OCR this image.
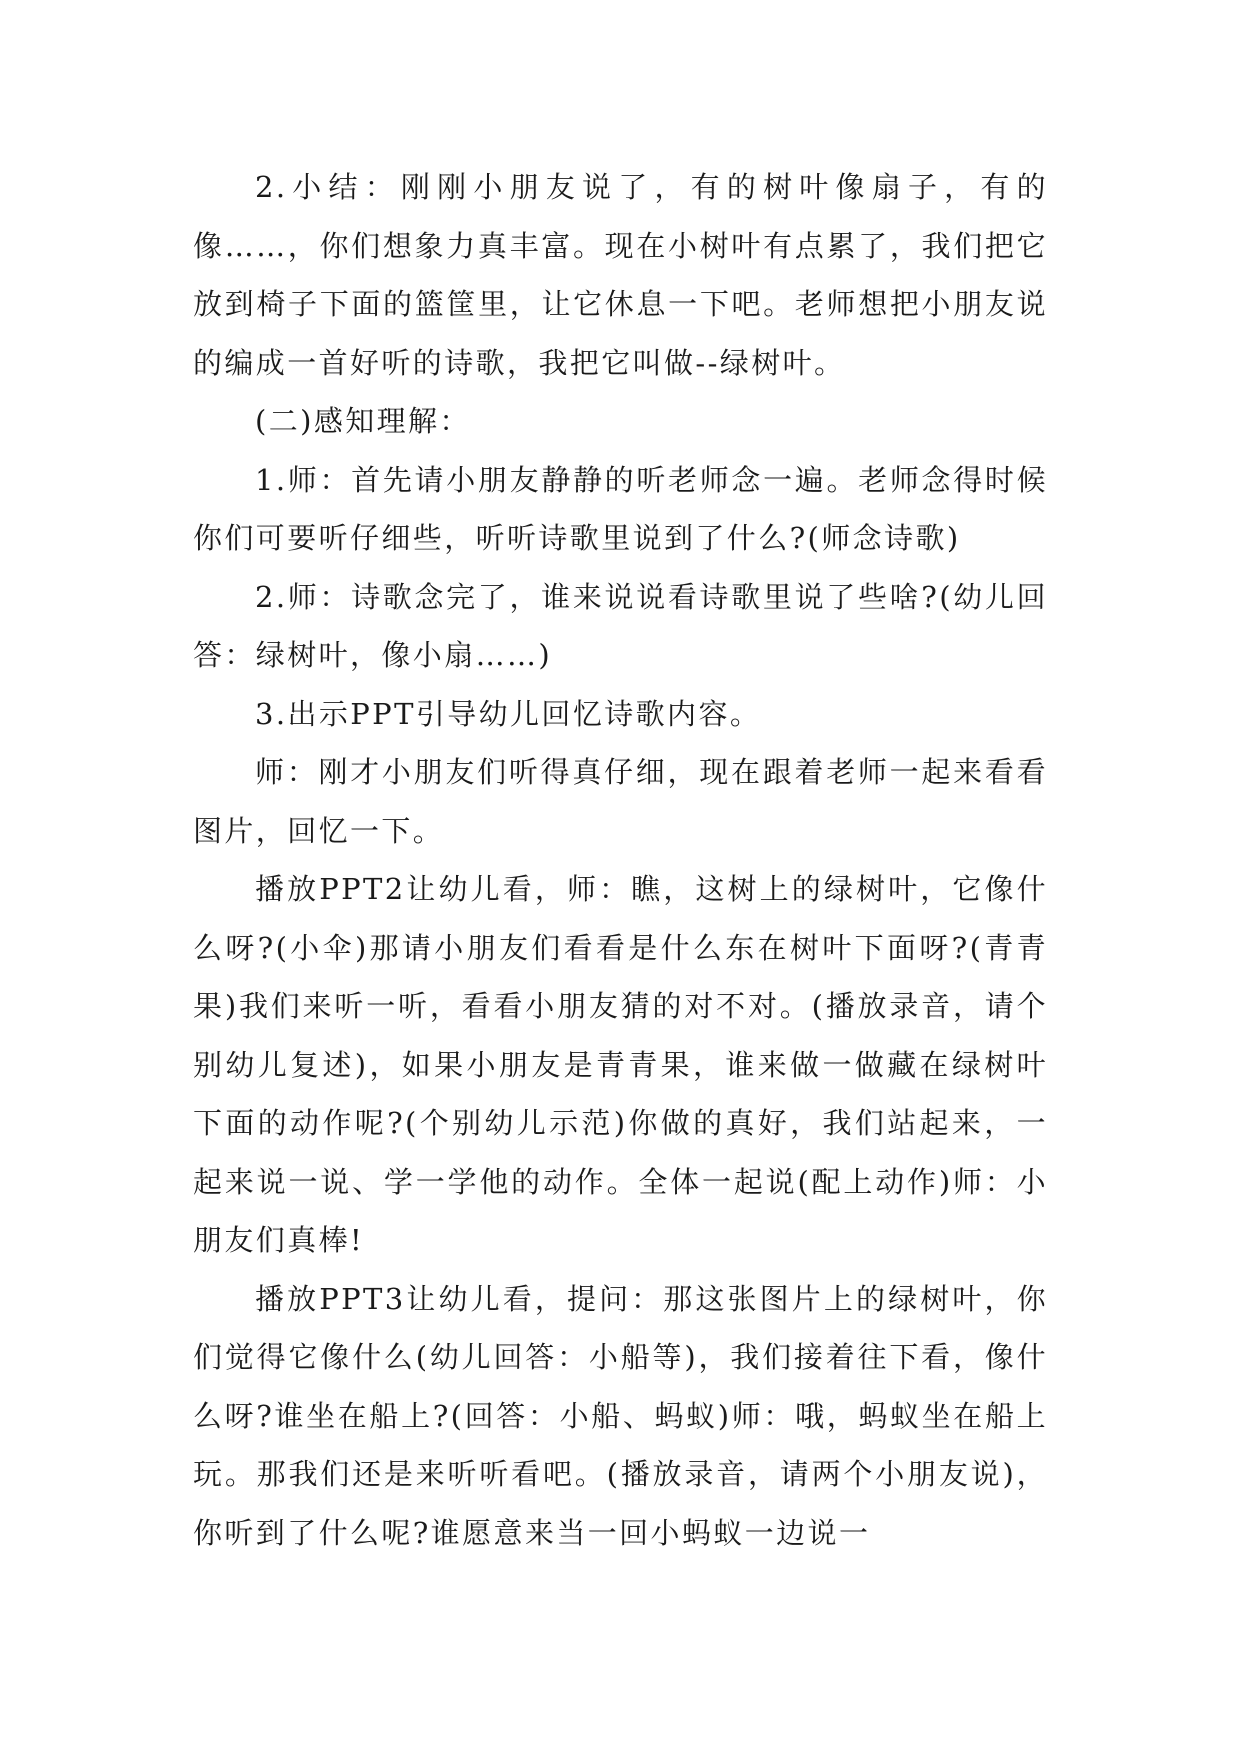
2.小结：刚刚小朋友说了，有的树叶像扇子，有的像……，你们想象力真丰富。现在小树叶有点累了，我们把它放到椅子下面的篮筐里，让它休息一下吧。老师想把小朋友说的编成一首好听的诗歌，我把它叫做--绿树叶。

(二)感知理解：

1.师：首先请小朋友静静的听老师念一遍。老师念得时候你们可要听仔细些，听听诗歌里说到了什么?(师念诗歌)

2.师：诗歌念完了，谁来说说看诗歌里说了些啥?(幼儿回答：绿树叶，像小扇……)

3.出示PPT引导幼儿回忆诗歌内容。

师：刚才小朋友们听得真仔细，现在跟着老师一起来看看图片，回忆一下。

播放PPT2让幼儿看，师：瞧，这树上的绿树叶，它像什么呀?(小伞)那请小朋友们看看是什么东在树叶下面呀?(青青果)我们来听一听，看看小朋友猜的对不对。(播放录音，请个别幼儿复述)，如果小朋友是青青果，谁来做一做藏在绿树叶下面的动作呢?(个别幼儿示范)你做的真好，我们站起来，一起来说一说、学一学他的动作。全体一起说(配上动作)师：小朋友们真棒!

播放PPT3让幼儿看，提问：那这张图片上的绿树叶，你们觉得它像什么(幼儿回答：小船等)，我们接着往下看，像什么呀?谁坐在船上?(回答：小船、蚂蚁)师：哦，蚂蚁坐在船上玩。那我们还是来听听看吧。(播放录音，请两个小朋友说)，你听到了什么呢?谁愿意来当一回小蚂蚁一边说一
